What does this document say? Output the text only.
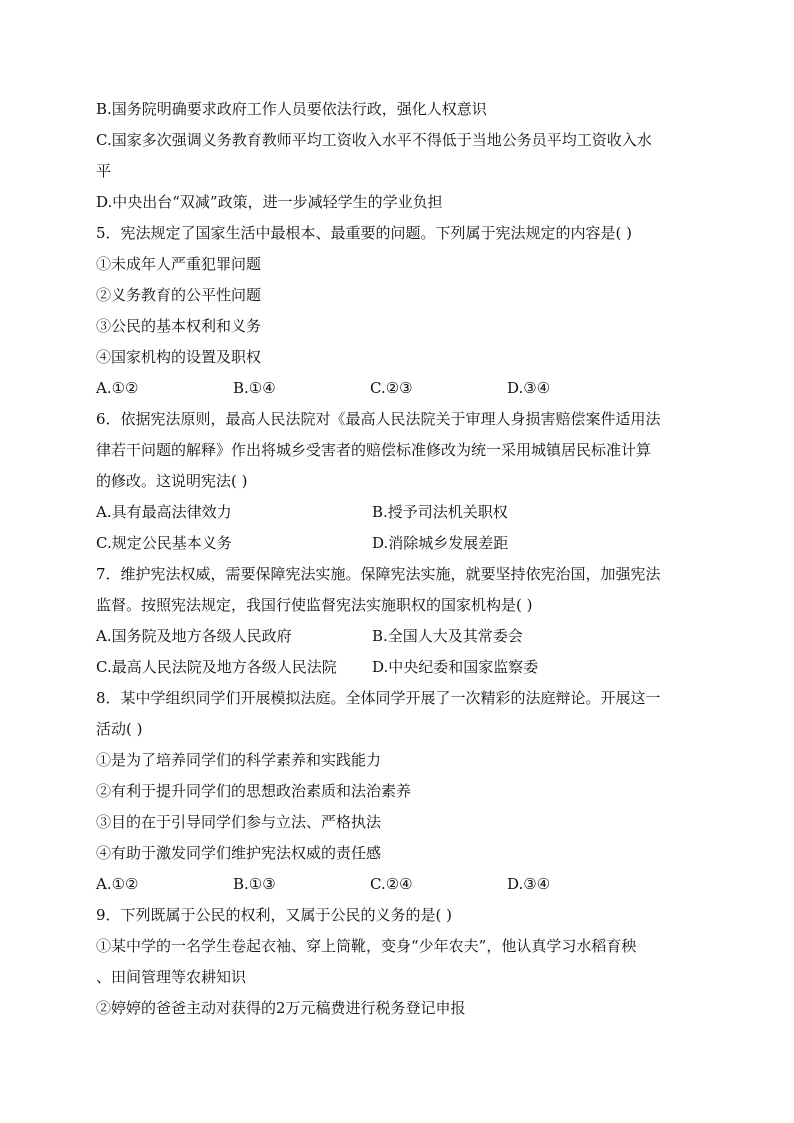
B.国务院明确要求政府工作人员要依法行政，强化人权意识
C.国家多次强调义务教育教师平均工资收入水平不得低于当地公务员平均工资收入水
平
D.中央出台“双减”政策，进一步减轻学生的学业负担
5．宪法规定了国家生活中最根本、最重要的问题。下列属于宪法规定的内容是( )
①未成年人严重犯罪问题
②义务教育的公平性问题
③公民的基本权利和义务
④国家机构的设置及职权
A.①②	B.①④	C.②③	D.③④
6．依据宪法原则，最高人民法院对《最高人民法院关于审理人身损害赔偿案件适用法
律若干问题的解释》作出将城乡受害者的赔偿标准修改为统一采用城镇居民标准计算
的修改。这说明宪法( )
A.具有最高法律效力	B.授予司法机关职权
C.规定公民基本义务	D.消除城乡发展差距
7．维护宪法权威，需要保障宪法实施。保障宪法实施，就要坚持依宪治国，加强宪法
监督。按照宪法规定，我国行使监督宪法实施职权的国家机构是( )
A.国务院及地方各级人民政府	B.全国人大及其常委会
C.最高人民法院及地方各级人民法院	D.中央纪委和国家监察委
8．某中学组织同学们开展模拟法庭。全体同学开展了一次精彩的法庭辩论。开展这一
活动( )
①是为了培养同学们的科学素养和实践能力
②有利于提升同学们的思想政治素质和法治素养
③目的在于引导同学们参与立法、严格执法
④有助于激发同学们维护宪法权威的责任感
A.①②	B.①③	C.②④	D.③④
9．下列既属于公民的权利，又属于公民的义务的是( )
①某中学的一名学生卷起衣袖、穿上筒靴，变身“少年农夫”，他认真学习水稻育秧
、田间管理等农耕知识
②婷婷的爸爸主动对获得的2万元稿费进行税务登记申报
